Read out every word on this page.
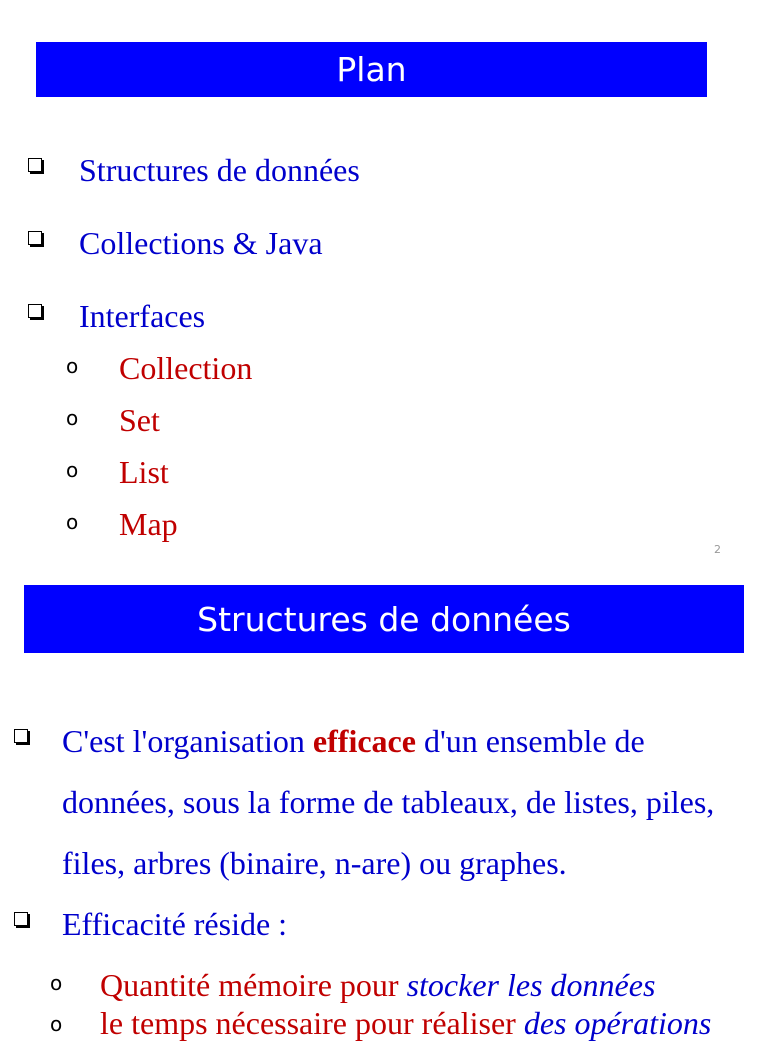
Plan
Structures de données
Collections & Java
Interfaces
o Collection
o Set
o List
o Map
2
Structures de données
C'est l'organisation efficace d'un ensemble de
données, sous la forme de tableaux, de listes, piles,
files, arbres (binaire, n-are) ou graphes.
Efficacité réside :
o Quantité mémoire pour stocker les données
o le temps nécessaire pour réaliser des opérations
